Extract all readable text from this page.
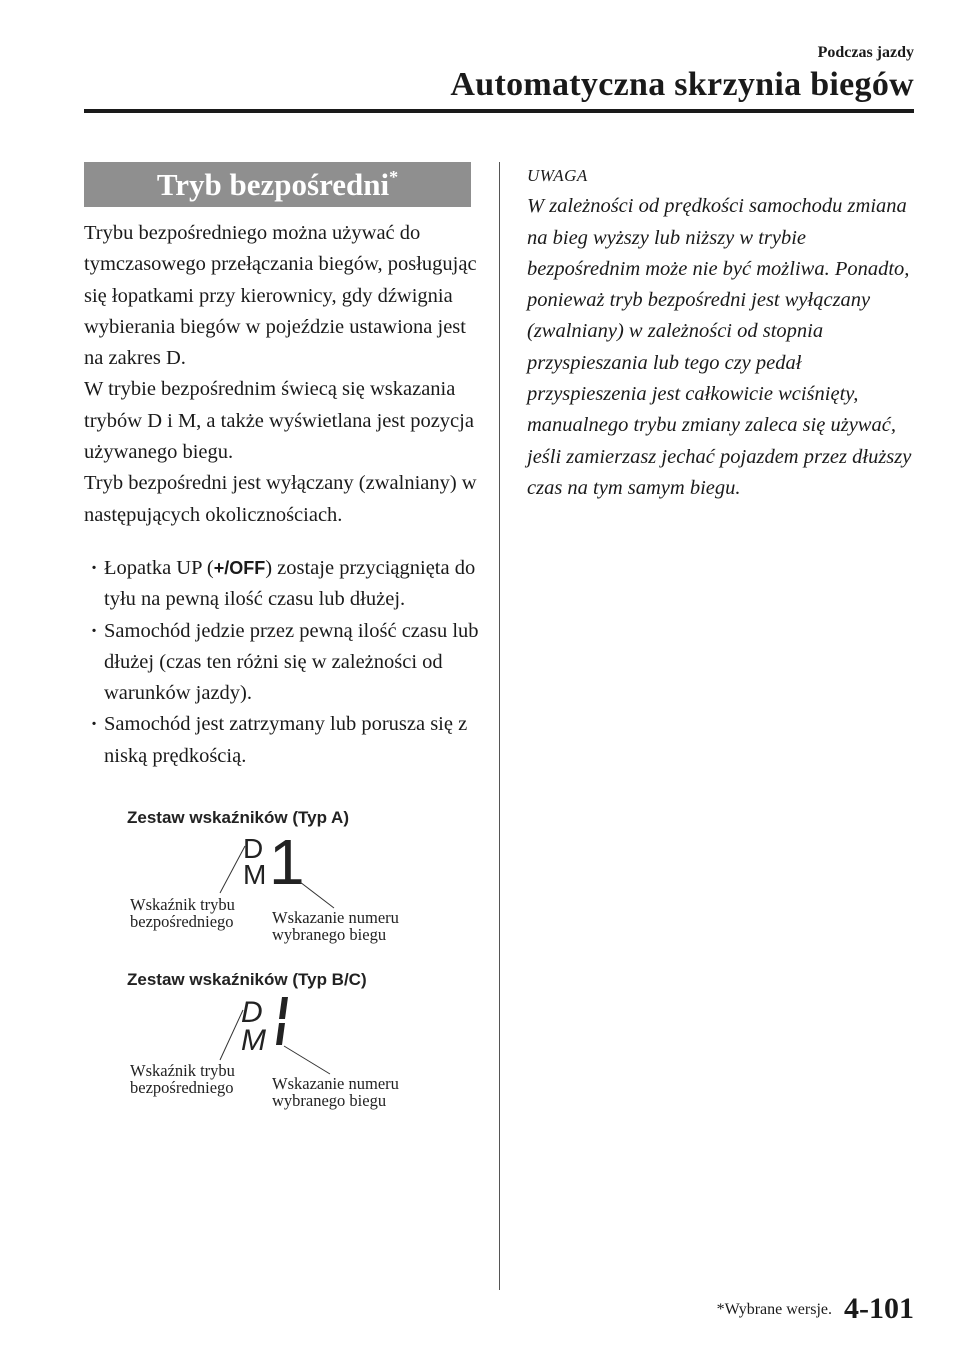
Podczas jazdy
Automatyczna skrzynia biegów
Tryb bezpośredni*

Trybu bezpośredniego można używać do tymczasowego przełączania biegów, posługując się łopatkami przy kierownicy, gdy dźwignia wybierania biegów w pojeździe ustawiona jest na zakres D.

W trybie bezpośrednim świecą się wskazania trybów D i M, a także wyświetlana jest pozycja używanego biegu.

Tryb bezpośredni jest wyłączany (zwalniany) w następujących okolicznościach.

· Łopatka UP (+/OFF) zostaje przyciągnięta do tyłu na pewną ilość czasu lub dłużej.
· Samochód jedzie przez pewną ilość czasu lub dłużej (czas ten różni się w zależności od warunków jazdy).
· Samochód jest zatrzymany lub porusza się z niską prędkością.
UWAGA
W zależności od prędkości samochodu zmiana na bieg wyższy lub niższy w trybie bezpośrednim może nie być możliwa. Ponadto, ponieważ tryb bezpośredni jest wyłączany (zwalniany) w zależności od stopnia przyspieszania lub tego czy pedał przyspieszenia jest całkowicie wciśnięty, manualnego trybu zmiany zaleca się używać, jeśli zamierzasz jechać pojazdem przez dłuższy czas na tym samym biegu.
Zestaw wskaźników (Typ A)
D
M 1
Wskaźnik trybu
bezpośredniego Wskazanie numeru
wybranego biegu
Zestaw wskaźników (Typ B/C)
D
M
Wskaźnik trybu
bezpośredniego Wskazanie numeru
wybranego biegu
*Wybrane wersje. 4-101
